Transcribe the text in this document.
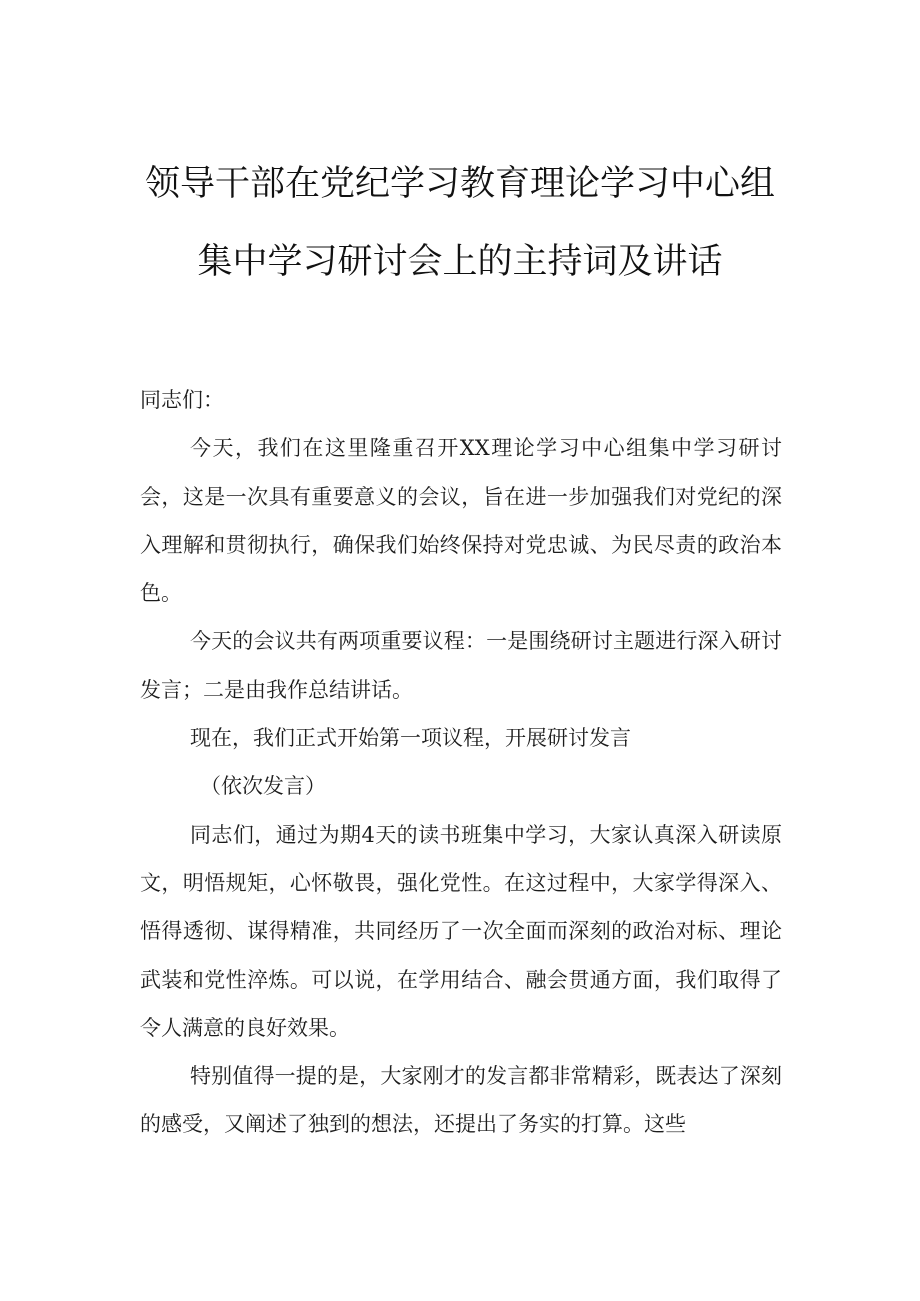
领导干部在党纪学习教育理论学习中心组
集中学习研讨会上的主持词及讲话

同志们：

今天，我们在这里隆重召开XX理论学习中心组集中学习研讨会，这是一次具有重要意义的会议，旨在进一步加强我们对党纪的深入理解和贯彻执行，确保我们始终保持对党忠诚、为民尽责的政治本色。

今天的会议共有两项重要议程：一是围绕研讨主题进行深入研讨发言；二是由我作总结讲话。

现在，我们正式开始第一项议程，开展研讨发言

（依次发言）

同志们，通过为期4天的读书班集中学习，大家认真深入研读原文，明悟规矩，心怀敬畏，强化党性。在这过程中，大家学得深入、悟得透彻、谋得精准，共同经历了一次全面而深刻的政治对标、理论武装和党性淬炼。可以说，在学用结合、融会贯通方面，我们取得了令人满意的良好效果。

特别值得一提的是，大家刚才的发言都非常精彩，既表达了深刻的感受，又阐述了独到的想法，还提出了务实的打算。这些
